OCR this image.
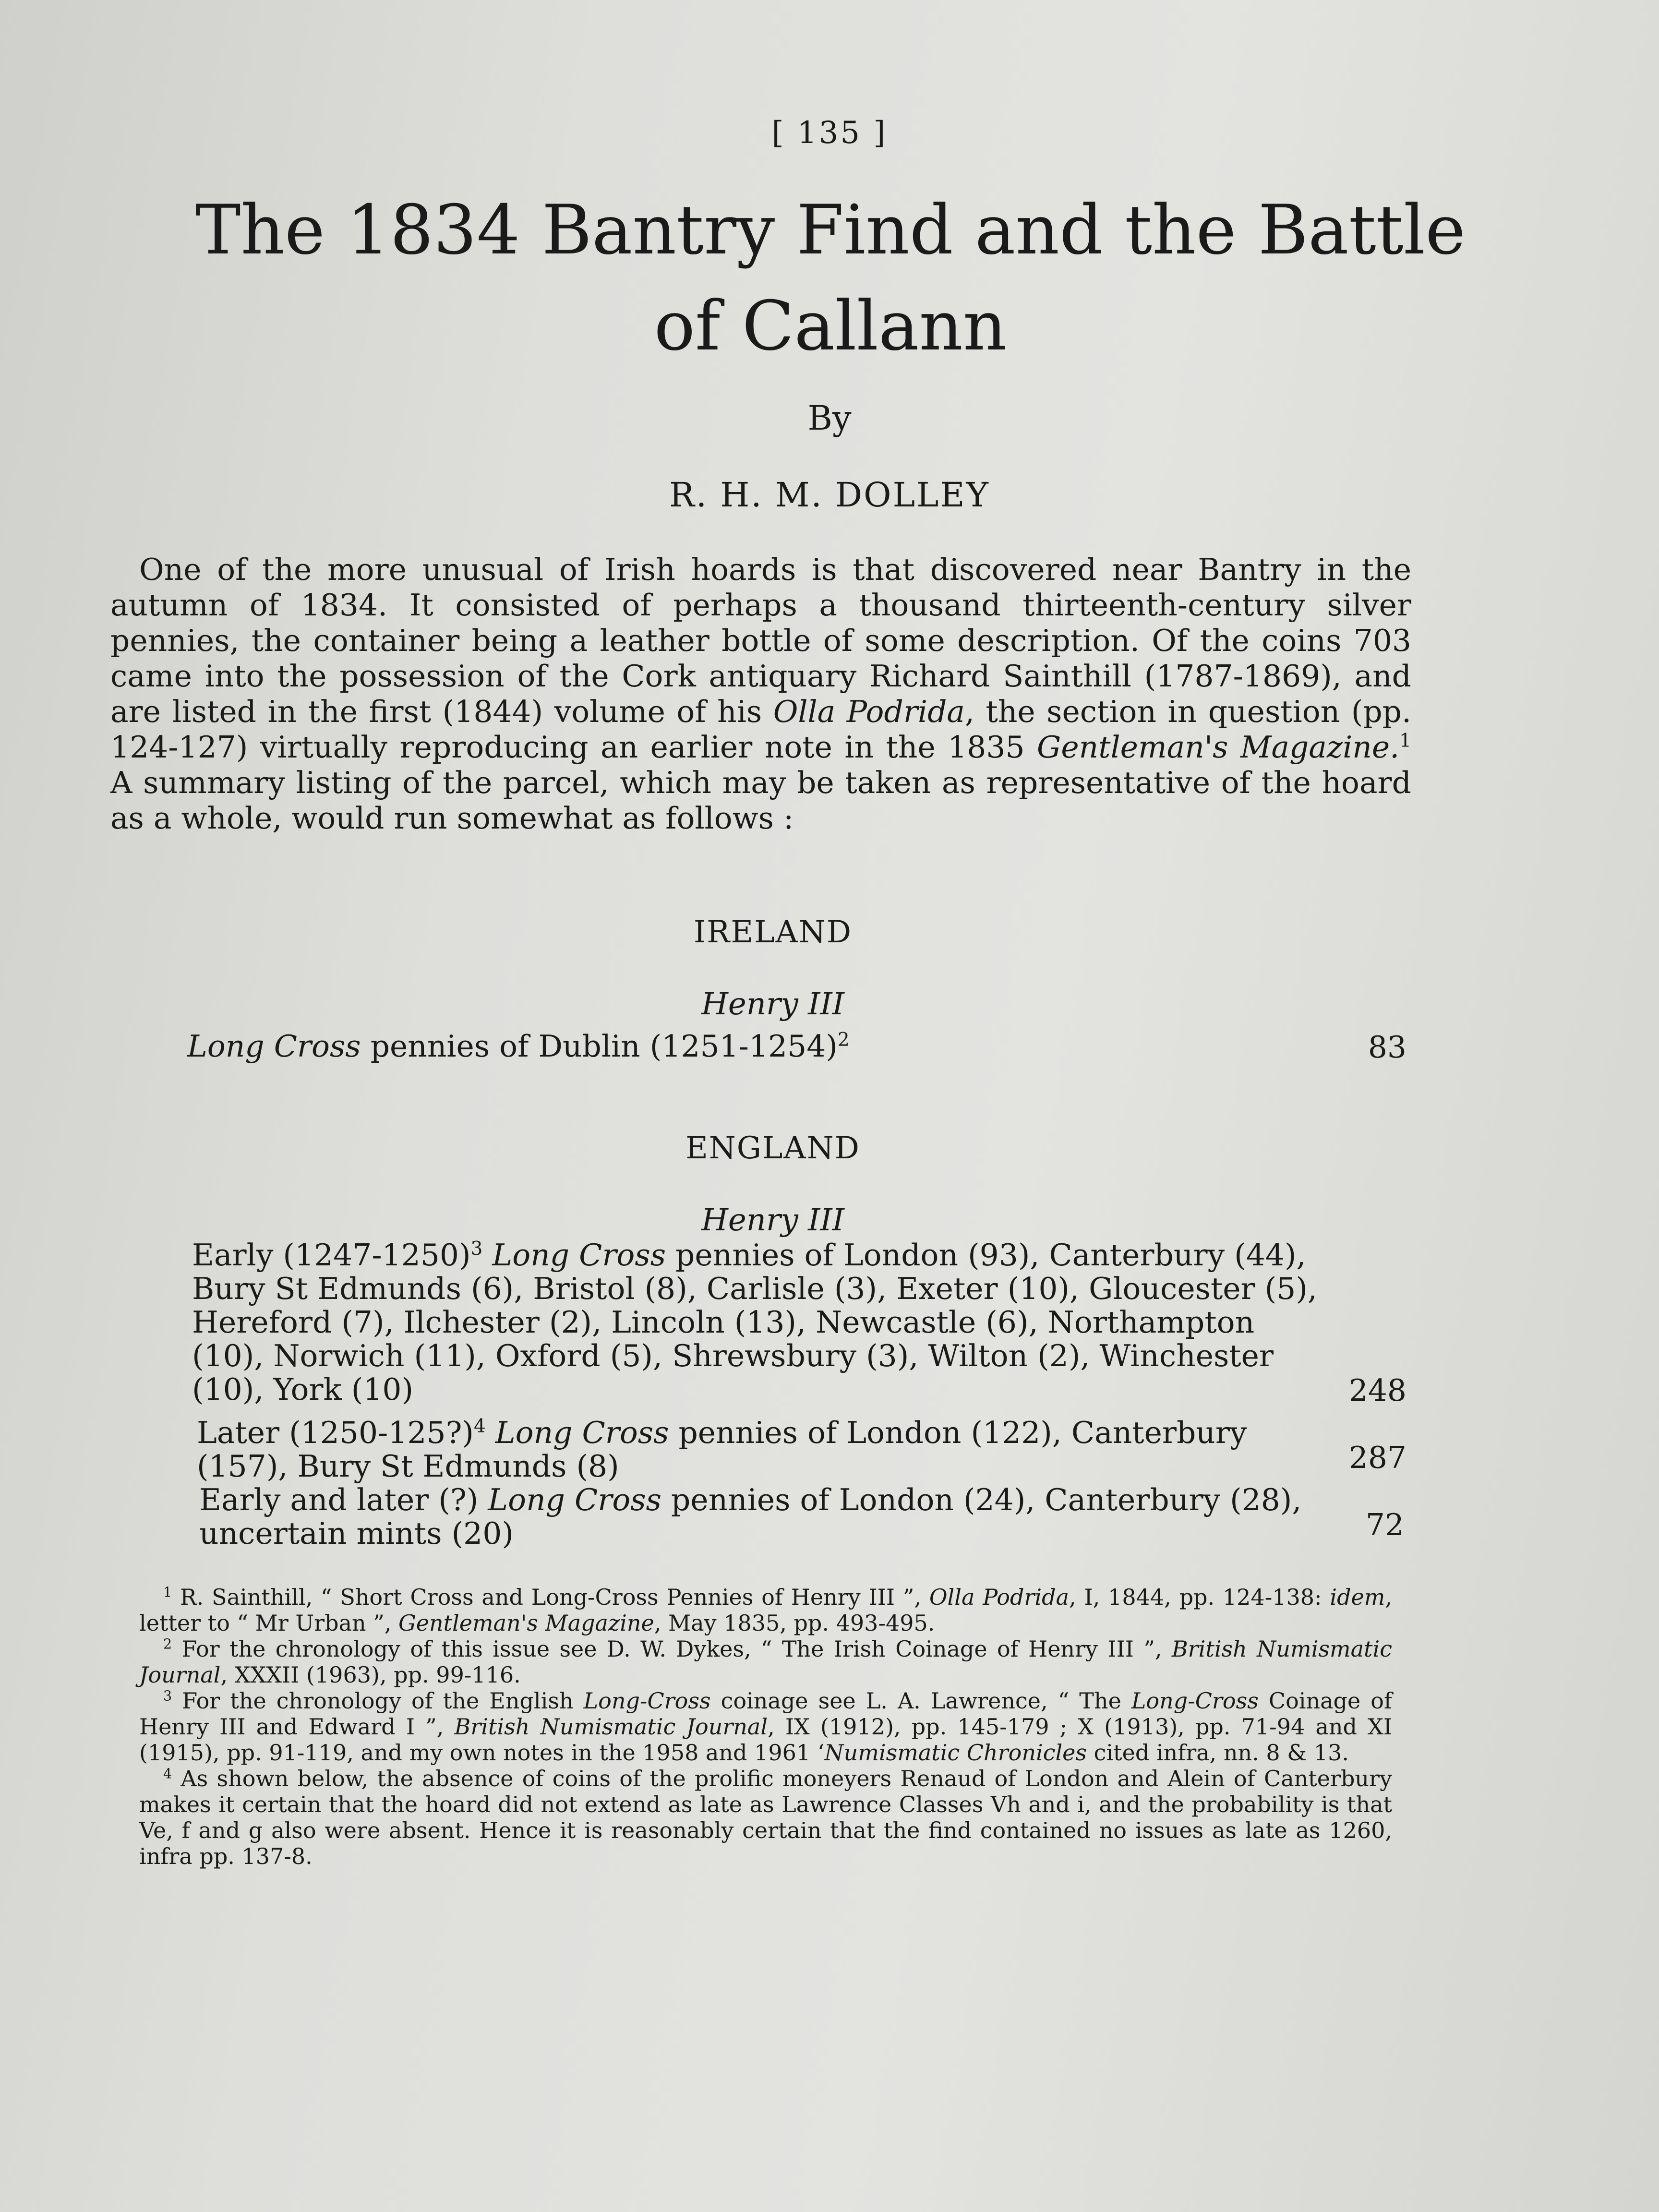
[ 135 ]
The 1834 Bantry Find and the Battle
of Callann
By
R. H. M. DOLLEY

One of the more unusual of Irish hoards is that discovered near Bantry in the autumn of 1834. It consisted of perhaps a thousand thirteenth-century silver pennies, the container being a leather bottle of some description. Of the coins 703 came into the possession of the Cork antiquary Richard Sainthill (1787-1869), and are listed in the first (1844) volume of his Olla Podrida, the section in question (pp. 124-127) virtually reproducing an earlier note in the 1835 Gentleman's Magazine.$^1$ A summary listing of the parcel, which may be taken as representative of the hoard as a whole, would run somewhat as follows :

IRELAND
Henry III
Long Cross pennies of Dublin (1251-1254)$^2$	83
ENGLAND
Henry III
Early (1247-1250)$^3$ Long Cross pennies of London (93), Canterbury (44), Bury St Edmunds (6), Bristol (8), Carlisle (3), Exeter (10), Gloucester (5), Hereford (7), Ilchester (2), Lincoln (13), Newcastle (6), Northampton (10), Norwich (11), Oxford (5), Shrewsbury (3), Wilton (2), Winchester (10), York (10)	248
Later (1250-125?)$^4$ Long Cross pennies of London (122), Canterbury (157), Bury St Edmunds (8)	287
Early and later (?) Long Cross pennies of London (24), Canterbury (28), uncertain mints (20)	72
$^1$ R. Sainthill, “ Short Cross and Long-Cross Pennies of Henry III ”, Olla Podrida, I, 1844, pp. 124-138: idem, letter to “ Mr Urban ”, Gentleman's Magazine, May 1835, pp. 493-495.
$^2$ For the chronology of this issue see D. W. Dykes, “ The Irish Coinage of Henry III ”, British Numismatic Journal, XXXII (1963), pp. 99-116.
$^3$ For the chronology of the English Long-Cross coinage see L. A. Lawrence, “ The Long-Cross Coinage of Henry III and Edward I ”, British Numismatic Journal, IX (1912), pp. 145-179 ; X (1913), pp. 71-94 and XI (1915), pp. 91-119, and my own notes in the 1958 and 1961 ‘Numismatic Chronicles cited infra, nn. 8 & 13.
$^4$ As shown below, the absence of coins of the prolific moneyers Renaud of London and Alein of Canterbury makes it certain that the hoard did not extend as late as Lawrence Classes Vh and i, and the probability is that Ve, f and g also were absent. Hence it is reasonably certain that the find contained no issues as late as 1260, infra pp. 137-8.
